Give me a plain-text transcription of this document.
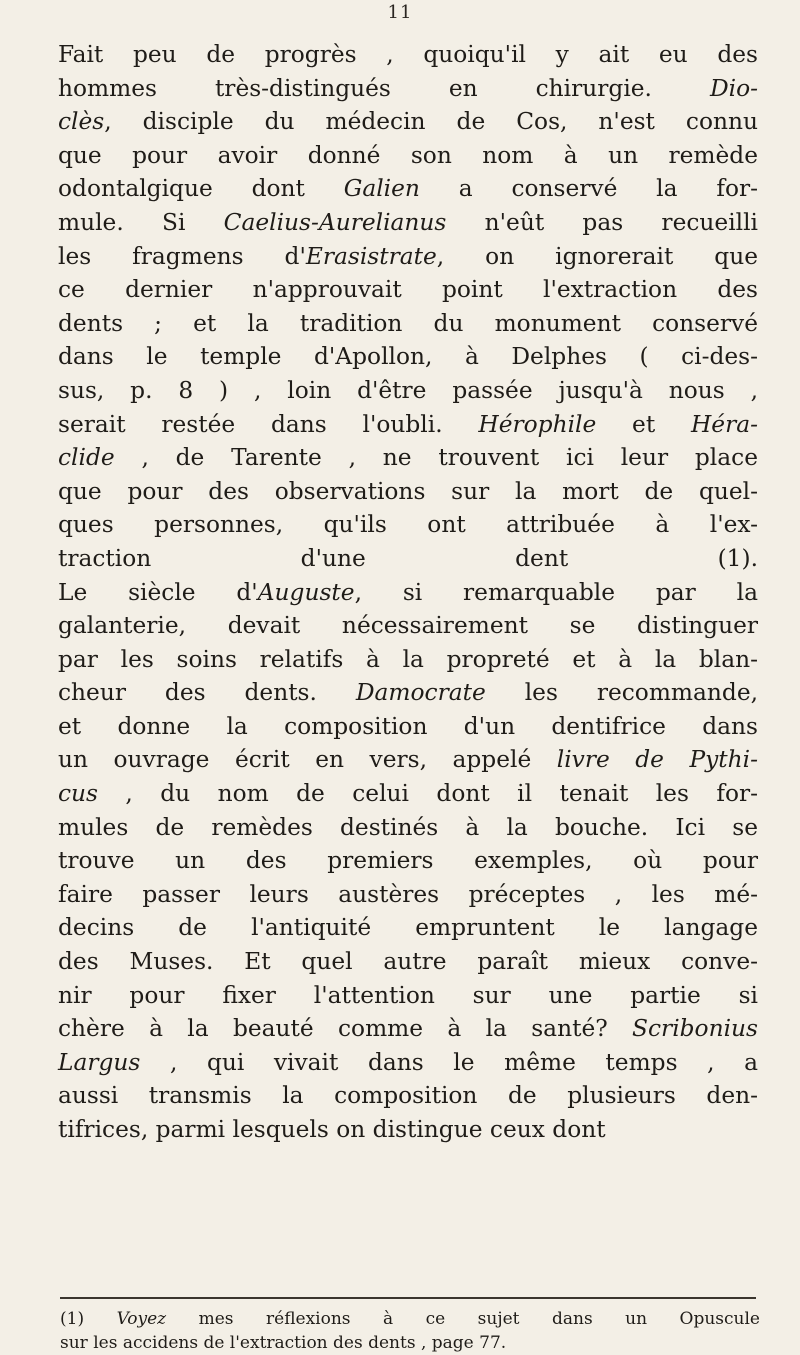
11
Fait peu de progrès , quoiqu'il y ait eu des
hommes très-distingués en chirurgie. Dio-
clès, disciple du médecin de Cos, n'est connu
que pour avoir donné son nom à un remède
odontalgique dont Galien a conservé la for-
mule. Si Caelius-Aurelianus n'eût pas recueilli
les fragmens d'Erasistrate, on ignorerait que
ce dernier n'approuvait point l'extraction des
dents ; et la tradition du monument conservé
dans le temple d'Apollon, à Delphes ( ci-des-
sus, p. 8 ) , loin d'être passée jusqu'à nous ,
serait restée dans l'oubli. Hérophile et Héra-
clide , de Tarente , ne trouvent ici leur place
que pour des observations sur la mort de quel-
ques personnes, qu'ils ont attribuée à l'ex-
traction d'une dent (1).
Le siècle d'Auguste, si remarquable par la
galanterie, devait nécessairement se distinguer
par les soins relatifs à la propreté et à la blan-
cheur des dents. Damocrate les recommande,
et donne la composition d'un dentifrice dans
un ouvrage écrit en vers, appelé livre de Pythi-
cus , du nom de celui dont il tenait les for-
mules de remèdes destinés à la bouche. Ici se
trouve un des premiers exemples, où pour
faire passer leurs austères préceptes , les mé-
decins de l'antiquité empruntent le langage
des Muses. Et quel autre paraît mieux conve-
nir pour fixer l'attention sur une partie si
chère à la beauté comme à la santé? Scribonius
Largus , qui vivait dans le même temps , a
aussi transmis la composition de plusieurs den-
tifrices, parmi lesquels on distingue ceux dont
(1) Voyez mes réflexions à ce sujet dans un Opuscule
sur les accidens de l'extraction des dents , page 77.
